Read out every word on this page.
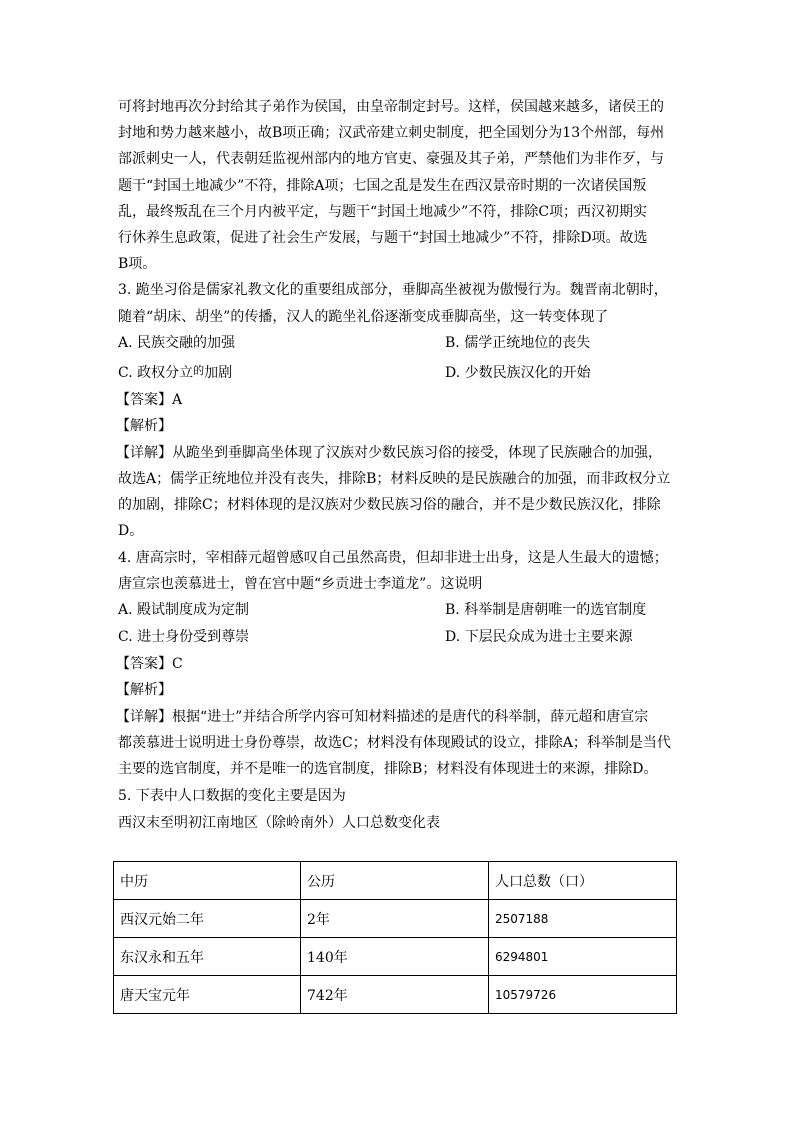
可将封地再次分封给其子弟作为侯国，由皇帝制定封号。这样，侯国越来越多，诸侯王的
封地和势力越来越小，故B项正确；汉武帝建立刺史制度，把全国划分为13个州部，每州
部派刺史一人，代表朝廷监视州部内的地方官吏、豪强及其子弟，严禁他们为非作歹，与
题干“封国土地减少”不符，排除A项；七国之乱是发生在西汉景帝时期的一次诸侯国叛
乱，最终叛乱在三个月内被平定，与题干“封国土地减少”不符，排除C项；西汉初期实
行休养生息政策，促进了社会生产发展，与题干“封国土地减少”不符，排除D项。故选
B项。
3. 跪坐习俗是儒家礼教文化的重要组成部分，垂脚高坐被视为傲慢行为。魏晋南北朝时，
随着“胡床、胡坐”的传播，汉人的跪坐礼俗逐渐变成垂脚高坐，这一转变体现了
A. 民族交融的加强	B. 儒学正统地位的丧失
C. 政权分立$^的$加剧	D. 少数民族汉化的开始
【答案】A
【解析】
【详解】从跪坐到垂脚高坐体现了汉族对少数民族习俗的接受，体现了民族融合的加强，
故选A；儒学正统地位并没有丧失，排除B；材料反映的是民族融合的加强，而非政权分立
的加剧，排除C；材料体现的是汉族对少数民族习俗的融合，并不是少数民族汉化，排除
D。
4. 唐高宗时，宰相薛元超曾感叹自己虽然高贵，但却非进士出身，这是人生最大的遗憾；
唐宣宗也羡慕进士，曾在宫中题“乡贡进士李道龙”。这说明
A. 殿试制度成为定制	B. 科举制是唐朝唯一的选官制度
C. 进士身份受到尊崇	D. 下层民众成为进士主要来源
【答案】C
【解析】
【详解】根据“进士”并结合所学内容可知材料描述的是唐代的科举制，薛元超和唐宣宗
都羡慕进士说明进士身份尊崇，故选C；材料没有体现殿试的设立，排除A；科举制是当代
主要的选官制度，并不是唯一的选官制度，排除B；材料没有体现进士的来源，排除D。
5. 下表中人口数据的变化主要是因为
西汉末至明初江南地区（除岭南外）人口总数变化表
中历	公历	人口总数（口）
西汉元始二年	2年	2507188
东汉永和五年	140年	6294801
唐天宝元年	742年	10579726
